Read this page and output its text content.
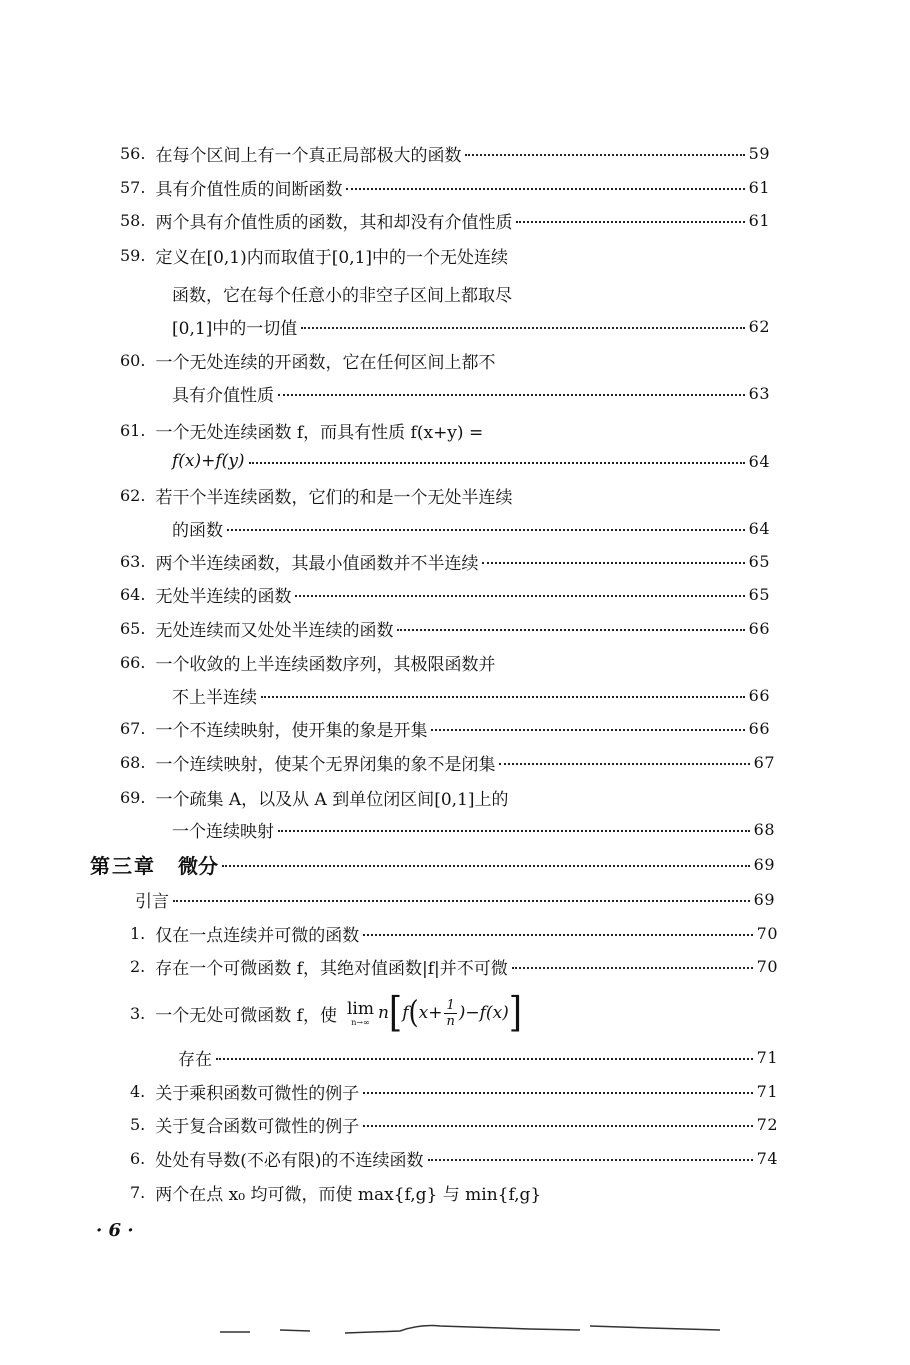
56. 在每个区间上有一个真正局部极大的函数	59
57. 具有介值性质的间断函数	61
58. 两个具有介值性质的函数，其和却没有介值性质	61
59. 定义在[0,1)内而取值于[0,1]中的一个无处连续
函数，它在每个任意小的非空子区间上都取尽
[0,1]中的一切值	62
60. 一个无处连续的开函数，它在任何区间上都不
具有介值性质	63
61. 一个无处连续函数 f，而具有性质 f(x+y) =
f(x)+f(y)	64
62. 若干个半连续函数，它们的和是一个无处半连续
的函数	64
63. 两个半连续函数，其最小值函数并不半连续	65
64. 无处半连续的函数	65
65. 无处连续而又处处半连续的函数	66
66. 一个收敛的上半连续函数序列，其极限函数并
不上半连续	66
67. 一个不连续映射，使开集的象是开集	66
68. 一个连续映射，使某个无界闭集的象不是闭集	67
69. 一个疏集 A，以及从 A 到单位闭区间[0,1]上的
一个连续映射	68
第三章 微分	69
引言	69
1. 仅在一点连续并可微的函数	70
2. 存在一个可微函数 f，其绝对值函数|f|并不可微	70
3. 一个无处可微函数 f，使 lim
n→∞ n [ f ( $x+ \frac{1}{n} )-f(x)$ ]
存在	71
4. 关于乘积函数可微性的例子	71
5. 关于复合函数可微性的例子	72
6. 处处有导数(不必有限)的不连续函数	74
7. 两个在点 x₀ 均可微，而使 max{f,g} 与 min{f,g}
· 6 ·
